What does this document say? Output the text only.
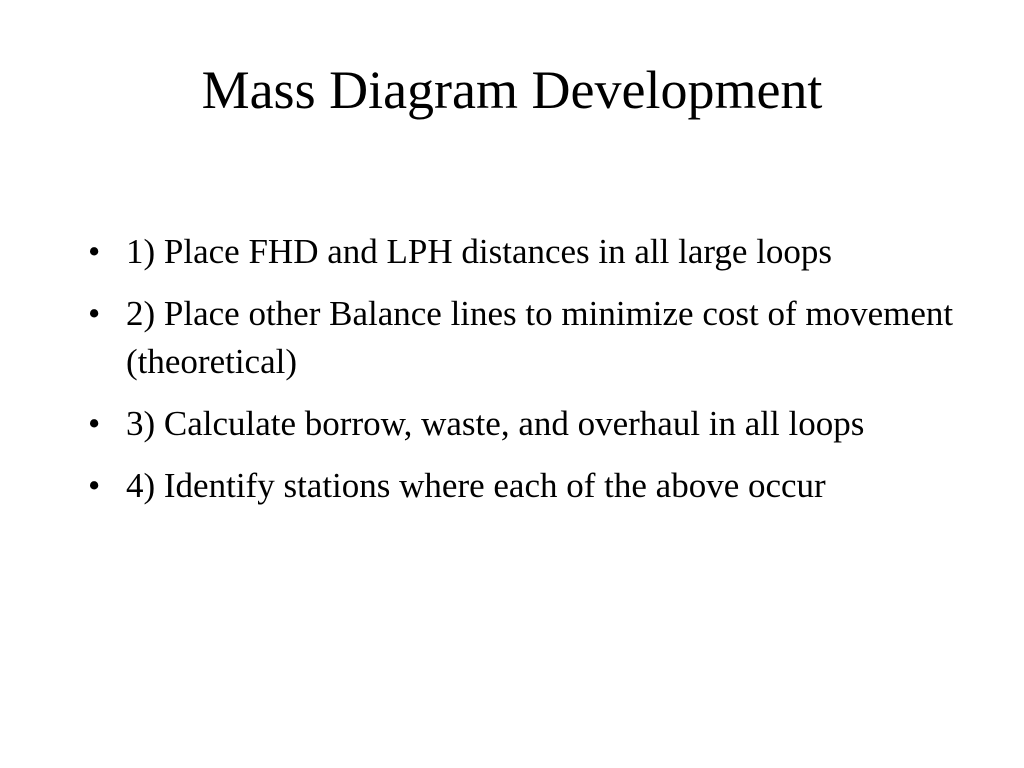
Mass Diagram Development
• 1) Place FHD and LPH distances in all large loops
• 2) Place other Balance lines to minimize cost of movement (theoretical)
• 3) Calculate borrow, waste, and overhaul in all loops
• 4) Identify stations where each of the above occur
